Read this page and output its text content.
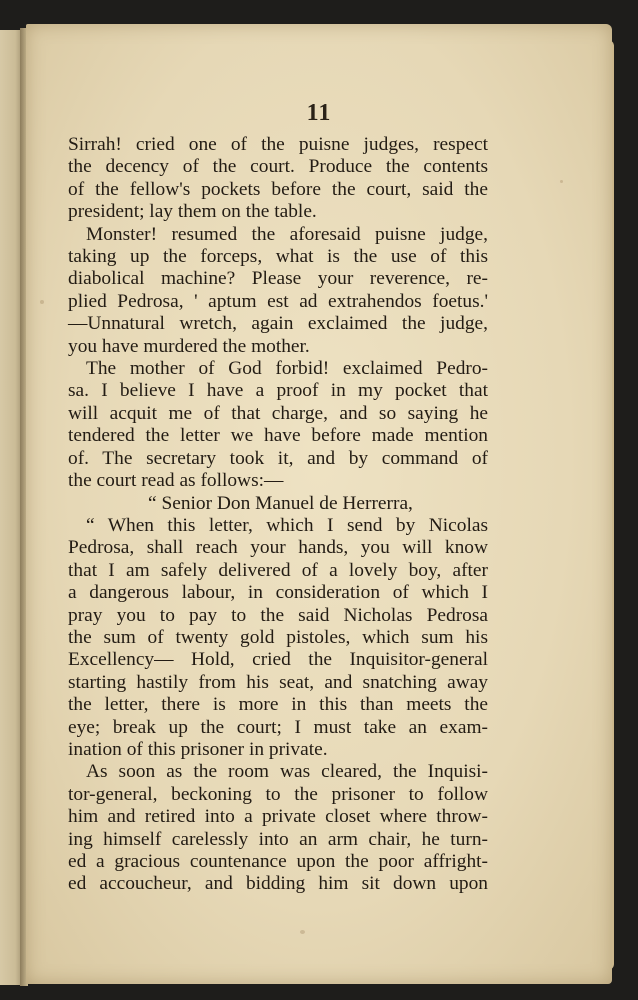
11
Sirrah! cried one of the puisne judges, respect
the decency of the court. Produce the contents
of the fellow's pockets before the court, said the
president; lay them on the table.
Monster! resumed the aforesaid puisne judge,
taking up the forceps, what is the use of this
diabolical machine? Please your reverence, re-
plied Pedrosa, ' aptum est ad extrahendos foetus.'
—Unnatural wretch, again exclaimed the judge,
you have murdered the mother.
The mother of God forbid! exclaimed Pedro-
sa. I believe I have a proof in my pocket that
will acquit me of that charge, and so saying he
tendered the letter we have before made mention
of. The secretary took it, and by command of
the court read as follows:—
“ Senior Don Manuel de Herrerra,
“ When this letter, which I send by Nicolas
Pedrosa, shall reach your hands, you will know
that I am safely delivered of a lovely boy, after
a dangerous labour, in consideration of which I
pray you to pay to the said Nicholas Pedrosa
the sum of twenty gold pistoles, which sum his
Excellency— Hold, cried the Inquisitor-general
starting hastily from his seat, and snatching away
the letter, there is more in this than meets the
eye; break up the court; I must take an exam-
ination of this prisoner in private.
As soon as the room was cleared, the Inquisi-
tor-general, beckoning to the prisoner to follow
him and retired into a private closet where throw-
ing himself carelessly into an arm chair, he turn-
ed a gracious countenance upon the poor affright-
ed accoucheur, and bidding him sit down upon
